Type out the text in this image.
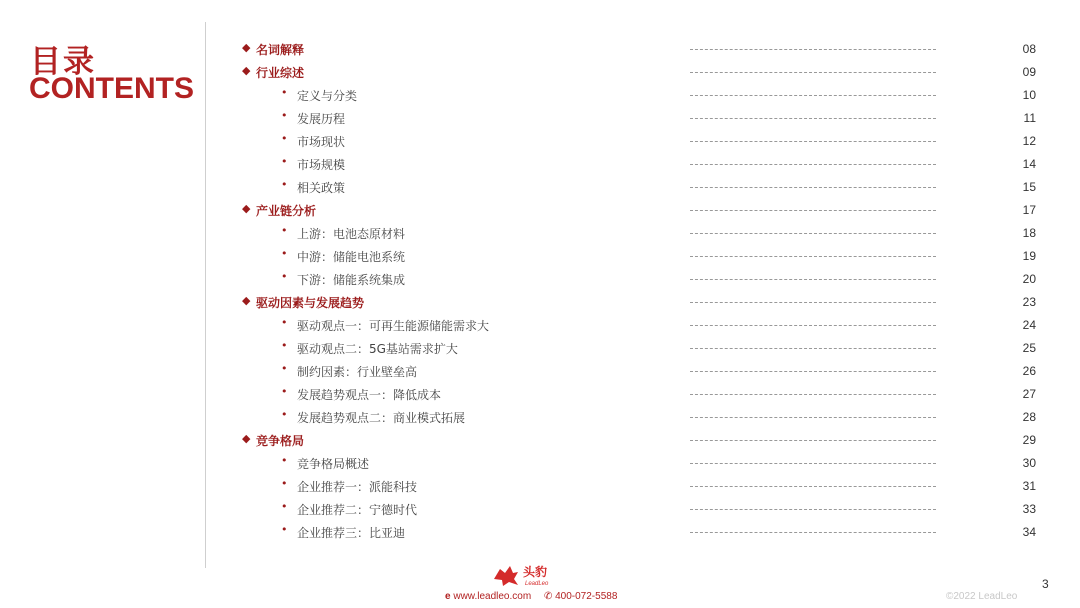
目录
CONTENTS
◆ 名词解释	08
◆ 行业综述	09
• 定义与分类	10
• 发展历程	11
• 市场现状	12
• 市场规模	14
• 相关政策	15
◆ 产业链分析	17
• 上游：电池态原材料	18
• 中游：储能电池系统	19
• 下游：储能系统集成	20
◆ 驱动因素与发展趋势	23
• 驱动观点一：可再生能源储能需求大	24
• 驱动观点二：5G基站需求扩大	25
• 制约因素：行业壁垒高	26
• 发展趋势观点一：降低成本	27
• 发展趋势观点二：商业模式拓展	28
◆ 竞争格局	29
• 竞争格局概述	30
• 企业推荐一：派能科技	31
• 企业推荐二：宁德时代	33
• 企业推荐三：比亚迪	34
头豹
LeadLeo
e www.leadleo.com ✆ 400-072-5588	©2022 LeadLeo
3
